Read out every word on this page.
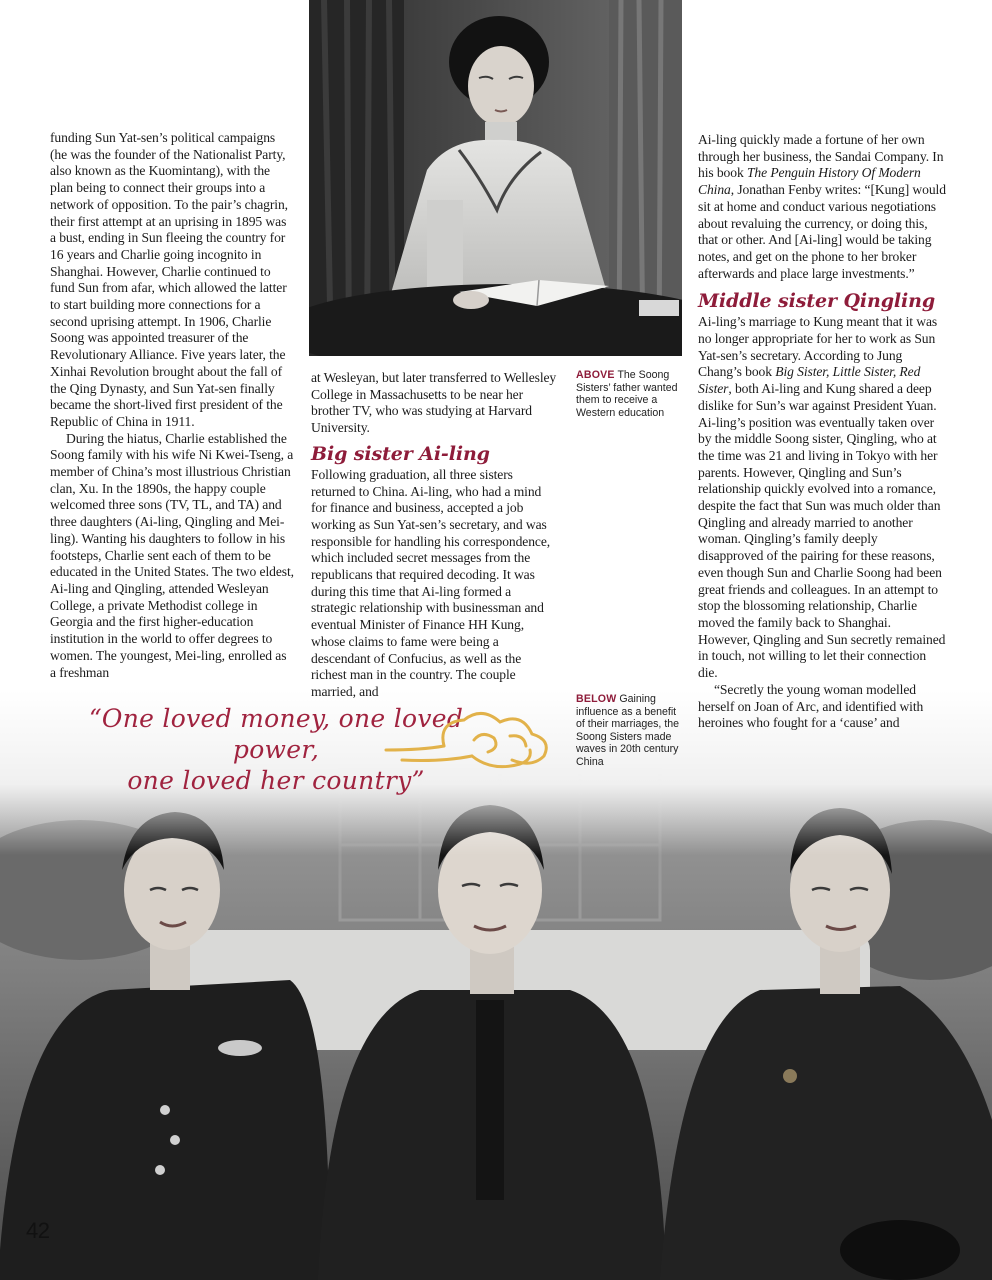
funding Sun Yat-sen’s political campaigns (he was the founder of the Nationalist Party, also known as the Kuomintang), with the plan being to connect their groups into a network of opposition. To the pair’s chagrin, their first attempt at an uprising in 1895 was a bust, ending in Sun fleeing the country for 16 years and Charlie going incognito in Shanghai. However, Charlie continued to fund Sun from afar, which allowed the latter to start building more connections for a second uprising attempt. In 1906, Charlie Soong was appointed treasurer of the Revolutionary Alliance. Five years later, the Xinhai Revolution brought about the fall of the Qing Dynasty, and Sun Yat-sen finally became the short-lived first president of the Republic of China in 1911.

During the hiatus, Charlie established the Soong family with his wife Ni Kwei-Tseng, a member of China’s most illustrious Christian clan, Xu. In the 1890s, the happy couple welcomed three sons (TV, TL, and TA) and three daughters (Ai-ling, Qingling and Mei-ling). Wanting his daughters to follow in his footsteps, Charlie sent each of them to be educated in the United States. The two eldest, Ai-ling and Qingling, attended Wesleyan College, a private Methodist college in Georgia and the first higher-education institution in the world to offer degrees to women. The youngest, Mei-ling, enrolled as a freshman

at Wesleyan, but later transferred to Wellesley College in Massachusetts to be near her brother TV, who was studying at Harvard University.

Big sister Ai-ling

Following graduation, all three sisters returned to China. Ai-ling, who had a mind for finance and business, accepted a job working as Sun Yat-sen’s secretary, and was responsible for handling his correspondence, which included secret messages from the republicans that required decoding. It was during this time that Ai-ling formed a strategic relationship with businessman and eventual Minister of Finance HH Kung, whose claims to fame were being a descendant of Confucius, as well as the richest man in the country. The couple married, and

Ai-ling quickly made a fortune of her own through her business, the Sandai Company. In his book The Penguin History Of Modern China, Jonathan Fenby writes: “[Kung] would sit at home and conduct various negotiations about revaluing the currency, or doing this, that or other. And [Ai-ling] would be taking notes, and get on the phone to her broker afterwards and place large investments.”

Middle sister Qingling

Ai-ling’s marriage to Kung meant that it was no longer appropriate for her to work as Sun Yat-sen’s secretary. According to Jung Chang’s book Big Sister, Little Sister, Red Sister, both Ai-ling and Kung shared a deep dislike for Sun’s war against President Yuan. Ai-ling’s position was eventually taken over by the middle Soong sister, Qingling, who at the time was 21 and living in Tokyo with her parents. However, Qingling and Sun’s relationship quickly evolved into a romance, despite the fact that Sun was much older than Qingling and already married to another woman. Qingling’s family deeply disapproved of the pairing for these reasons, even though Sun and Charlie Soong had been great friends and colleagues. In an attempt to stop the blossoming relationship, Charlie moved the family back to Shanghai. However, Qingling and Sun secretly remained in touch, not willing to let their connection die.

“Secretly the young woman modelled herself on Joan of Arc, and identified with heroines who fought for a ‘cause’ and

ABOVE The Soong Sisters’ father wanted them to receive a Western education
BELOW Gaining influence as a benefit of their marriages, the Soong Sisters made waves in 20th century China
“One loved money, one loved power,
one loved her country”
42
